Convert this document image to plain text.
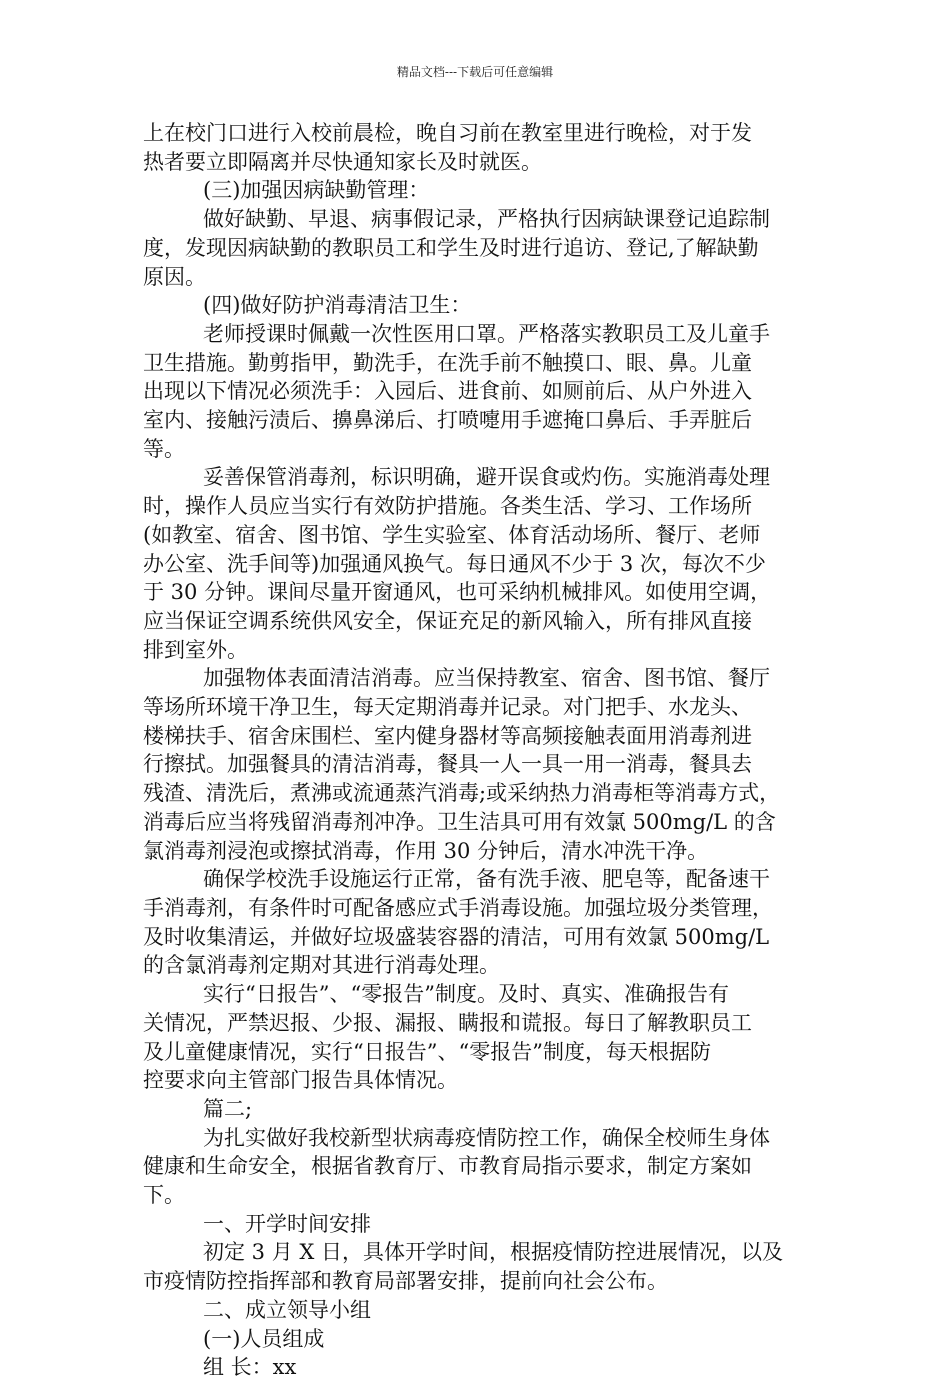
精品文档---下载后可任意编辑

上在校门口进行入校前晨检，晚自习前在教室里进行晚检，对于发

热者要立即隔离并尽快通知家长及时就医。

(三)加强因病缺勤管理：

做好缺勤、早退、病事假记录，严格执行因病缺课登记追踪制

度，发现因病缺勤的教职员工和学生及时进行追访、登记,了解缺勤

原因。

(四)做好防护消毒清洁卫生：

老师授课时佩戴一次性医用口罩。严格落实教职员工及儿童手

卫生措施。勤剪指甲，勤洗手，在洗手前不触摸口、眼、鼻。儿童

出现以下情况必须洗手：入园后、进食前、如厕前后、从户外进入

室内、接触污渍后、擤鼻涕后、打喷嚏用手遮掩口鼻后、手弄脏后

等。

妥善保管消毒剂，标识明确，避开误食或灼伤。实施消毒处理

时，操作人员应当实行有效防护措施。各类生活、学习、工作场所

(如教室、宿舍、图书馆、学生实验室、体育活动场所、餐厅、老师

办公室、洗手间等)加强通风换气。每日通风不少于 3 次，每次不少

于 30 分钟。课间尽量开窗通风，也可采纳机械排风。如使用空调，

应当保证空调系统供风安全，保证充足的新风输入，所有排风直接

排到室外。

加强物体表面清洁消毒。应当保持教室、宿舍、图书馆、餐厅

等场所环境干净卫生，每天定期消毒并记录。对门把手、水龙头、

楼梯扶手、宿舍床围栏、室内健身器材等高频接触表面用消毒剂进

行擦拭。加强餐具的清洁消毒，餐具一人一具一用一消毒，餐具去

残渣、清洗后，煮沸或流通蒸汽消毒;或采纳热力消毒柜等消毒方式，

消毒后应当将残留消毒剂冲净。卫生洁具可用有效氯 500mg/L 的含

氯消毒剂浸泡或擦拭消毒，作用 30 分钟后，清水冲洗干净。

确保学校洗手设施运行正常，备有洗手液、肥皂等，配备速干

手消毒剂，有条件时可配备感应式手消毒设施。加强垃圾分类管理，

及时收集清运，并做好垃圾盛装容器的清洁，可用有效氯 500mg/L

的含氯消毒剂定期对其进行消毒处理。

实行“日报告”、“零报告”制度。及时、真实、准确报告有

关情况，严禁迟报、少报、漏报、瞒报和谎报。每日了解教职员工

及儿童健康情况，实行“日报告”、“零报告”制度，每天根据防

控要求向主管部门报告具体情况。

篇二;

为扎实做好我校新型状病毒疫情防控工作，确保全校师生身体

健康和生命安全，根据省教育厅、市教育局指示要求，制定方案如

下。

一、开学时间安排

初定 3 月 X 日，具体开学时间，根据疫情防控进展情况，以及

市疫情防控指挥部和教育局部署安排，提前向社会公布。

二、成立领导小组

(一)人员组成

组 长：xx
